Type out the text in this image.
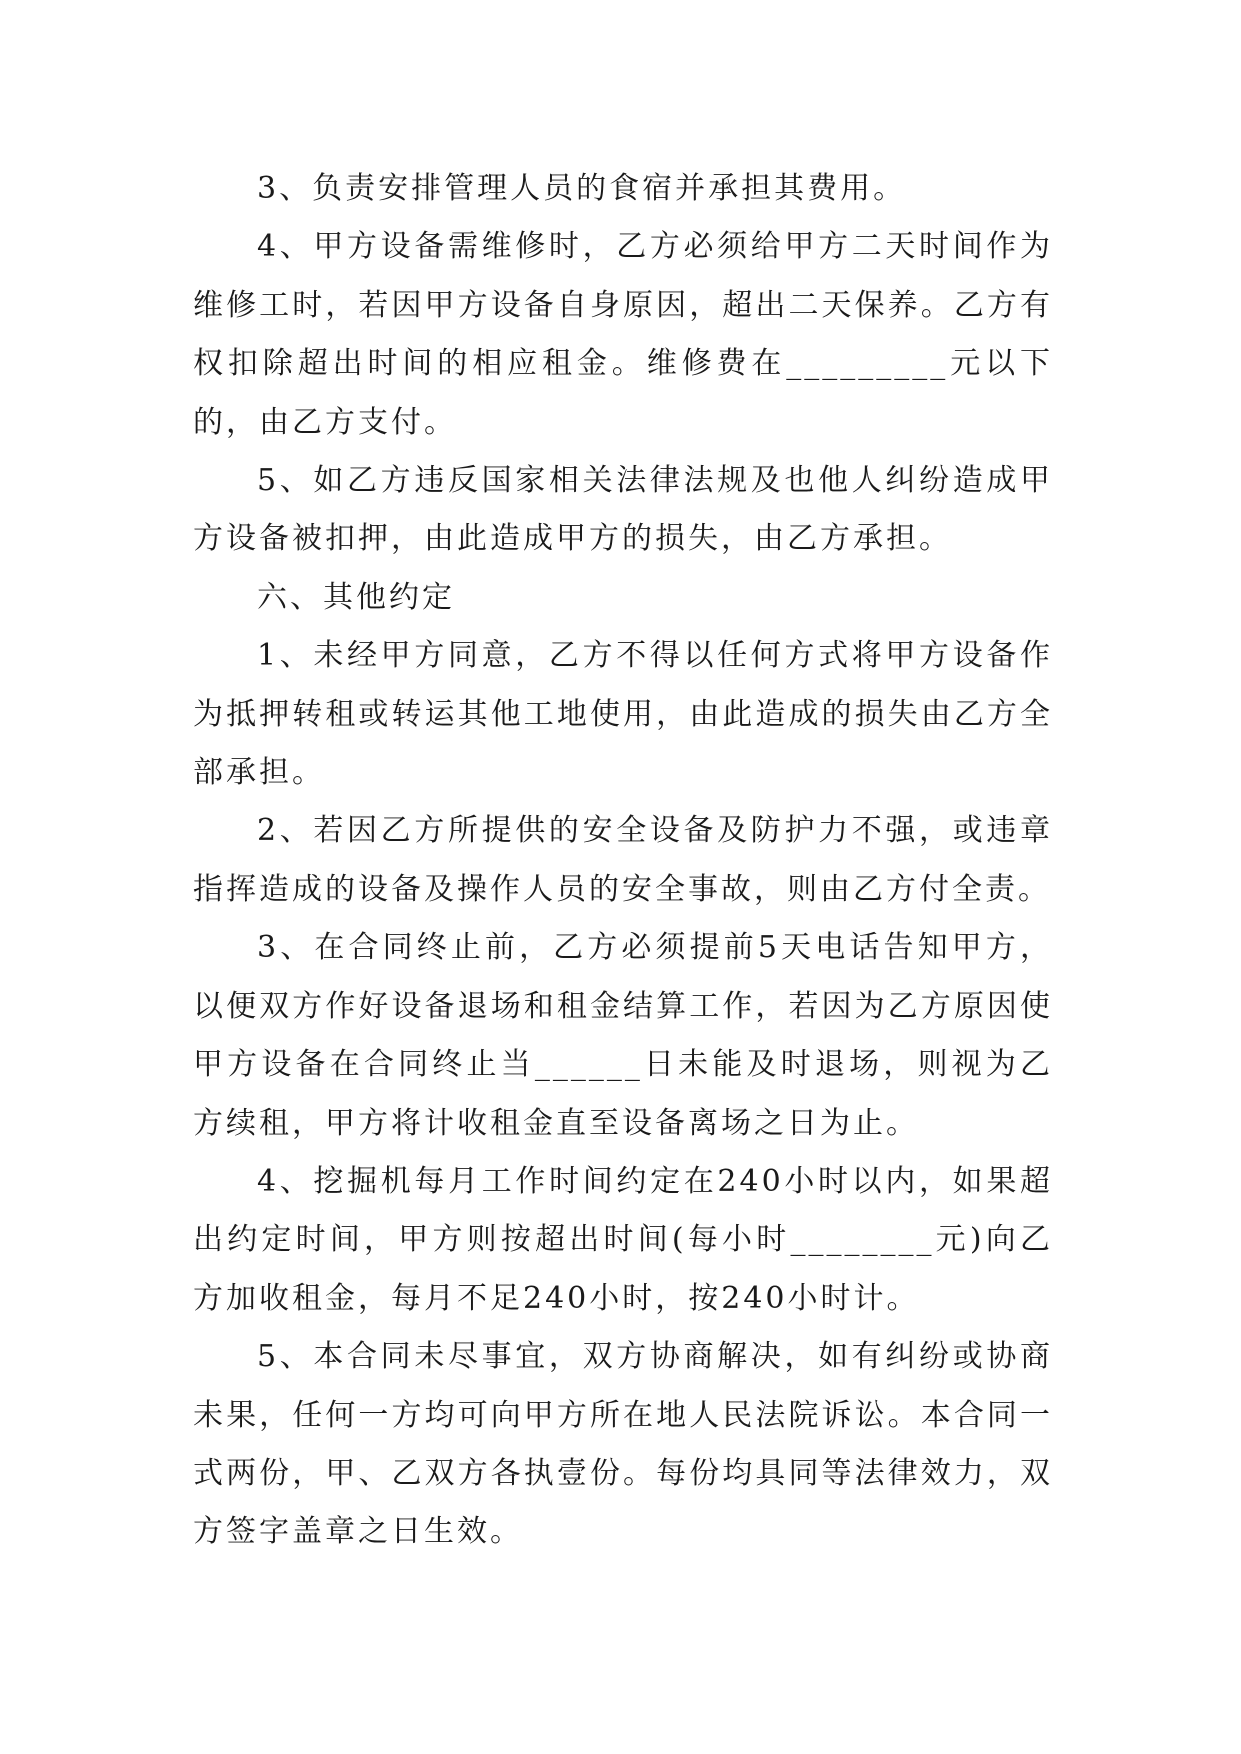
3、负责安排管理人员的食宿并承担其费用。

4、甲方设备需维修时，乙方必须给甲方二天时间作为维修工时，若因甲方设备自身原因，超出二天保养。乙方有权扣除超出时间的相应租金。维修费在_________元以下的，由乙方支付。

5、如乙方违反国家相关法律法规及也他人纠纷造成甲方设备被扣押，由此造成甲方的损失，由乙方承担。

六、其他约定

1、未经甲方同意，乙方不得以任何方式将甲方设备作为抵押转租或转运其他工地使用，由此造成的损失由乙方全部承担。

2、若因乙方所提供的安全设备及防护力不强，或违章指挥造成的设备及操作人员的安全事故，则由乙方付全责。

3、在合同终止前，乙方必须提前5天电话告知甲方，以便双方作好设备退场和租金结算工作，若因为乙方原因使甲方设备在合同终止当______日未能及时退场，则视为乙方续租，甲方将计收租金直至设备离场之日为止。

4、挖掘机每月工作时间约定在240小时以内，如果超出约定时间，甲方则按超出时间(每小时________元)向乙方加收租金，每月不足240小时，按240小时计。

5、本合同未尽事宜，双方协商解决，如有纠纷或协商未果，任何一方均可向甲方所在地人民法院诉讼。本合同一式两份，甲、乙双方各执壹份。每份均具同等法律效力，双方签字盖章之日生效。
